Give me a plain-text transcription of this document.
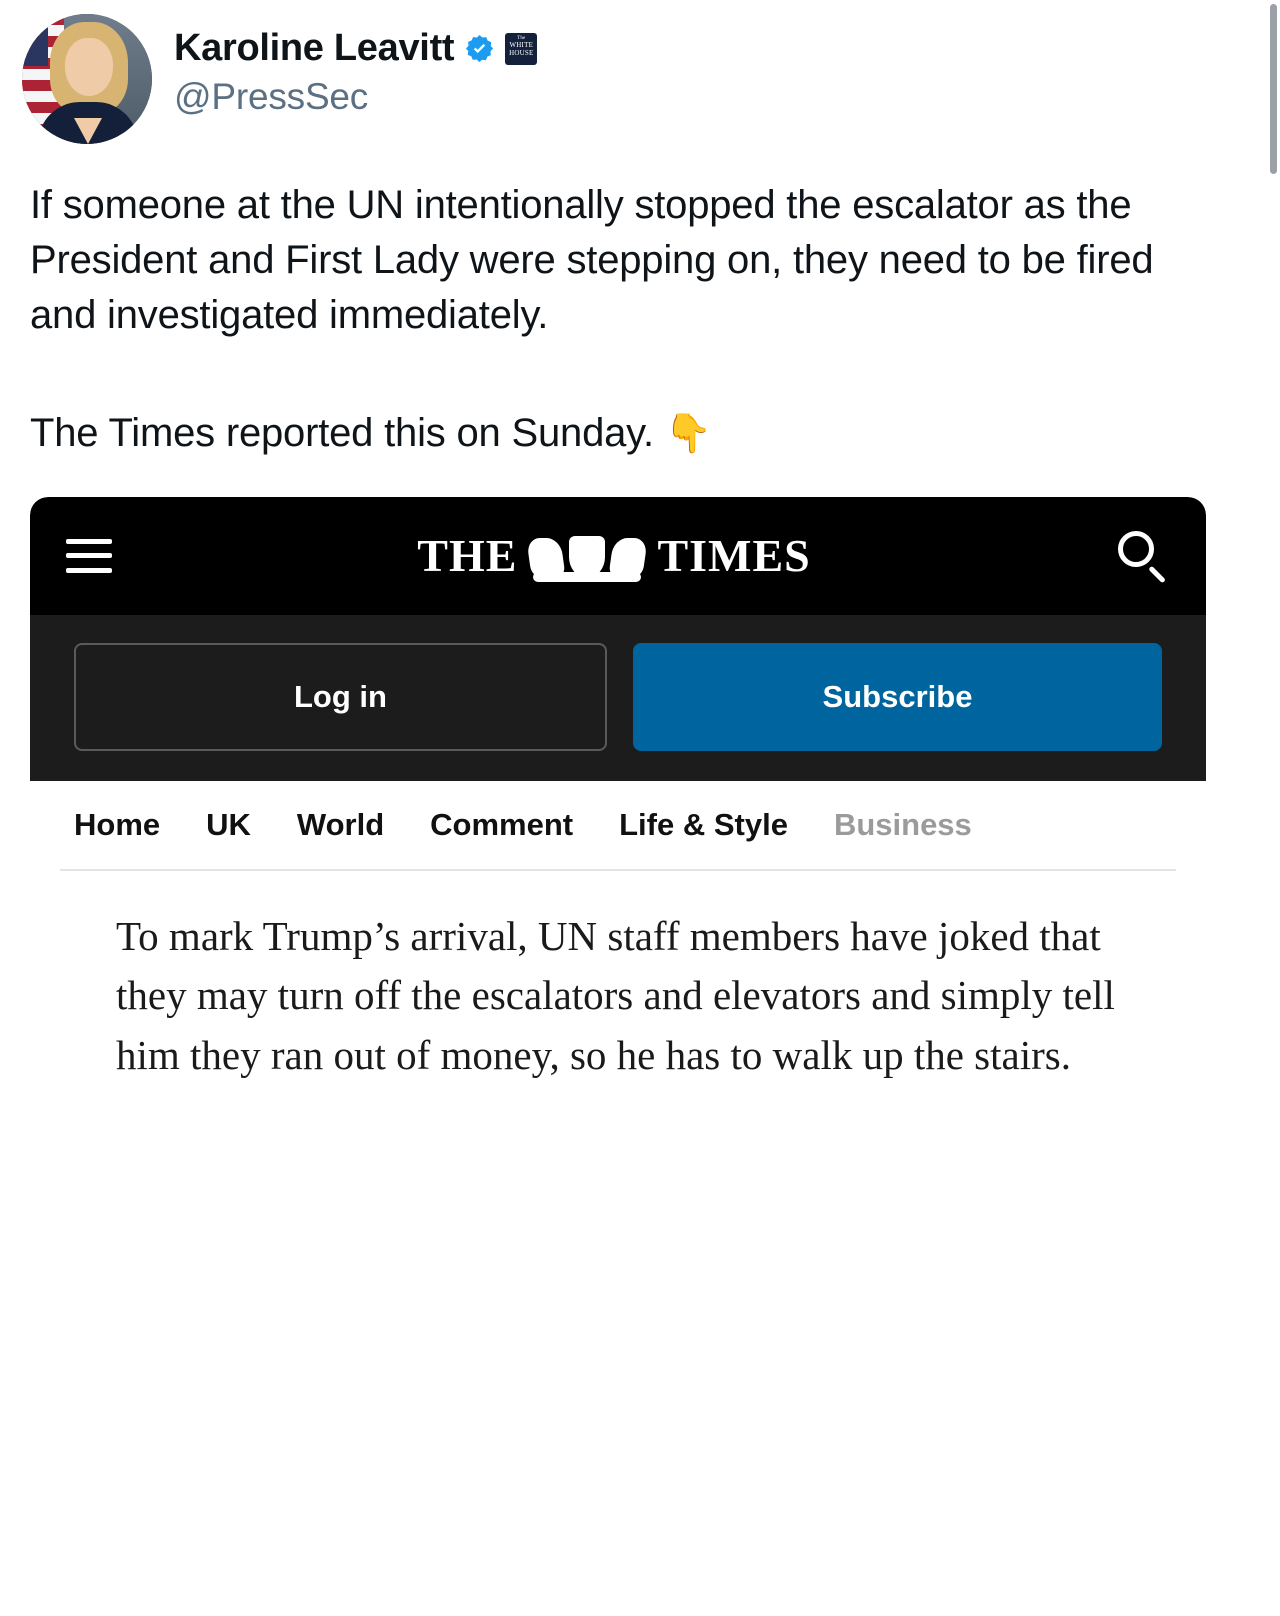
Karoline Leavitt	The
WHITE HOUSE
@PressSec

If someone at the UN intentionally stopped the escalator as the President and First Lady were stepping on, they need to be fired and investigated immediately.

The Times reported this on Sunday. 👇

THE	TIMES
Log in	Subscribe
Home UK World Comment Life & Style Business
To mark Trump’s arrival, UN staff members have joked that they may turn off the escalators and elevators and simply tell him they ran out of money, so he has to walk up the stairs.
